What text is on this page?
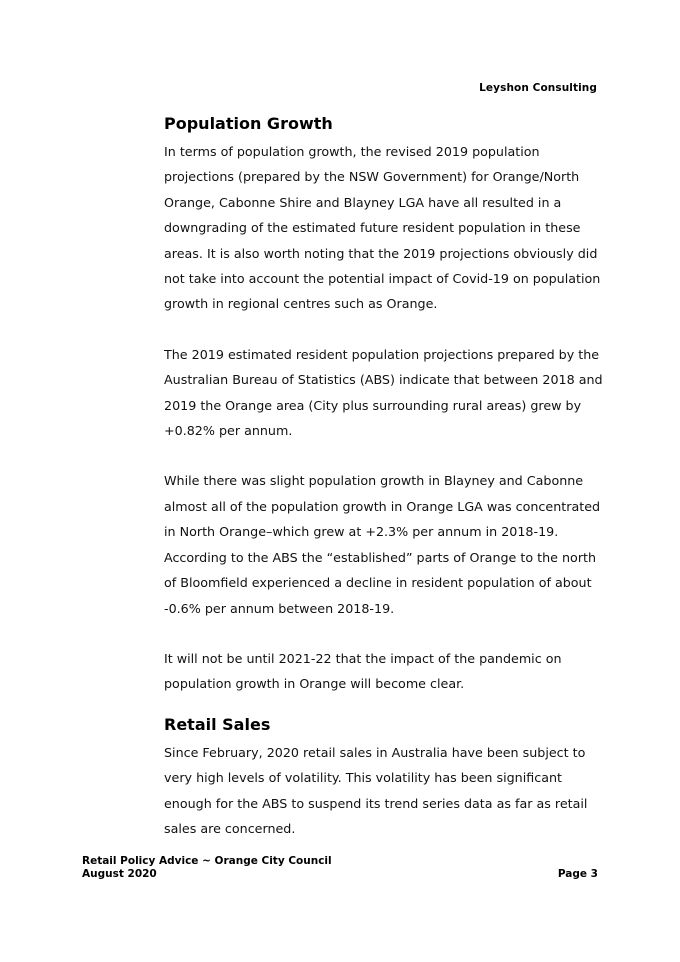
Leyshon Consulting
Population Growth

In terms of population growth, the revised 2019 population projections (prepared by the NSW Government) for Orange/North Orange, Cabonne Shire and Blayney LGA have all resulted in a downgrading of the estimated future resident population in these areas. It is also worth noting that the 2019 projections obviously did not take into account the potential impact of Covid-19 on population growth in regional centres such as Orange.

The 2019 estimated resident population projections prepared by the Australian Bureau of Statistics (ABS) indicate that between 2018 and 2019 the Orange area (City plus surrounding rural areas) grew by +0.82% per annum.

While there was slight population growth in Blayney and Cabonne almost all of the population growth in Orange LGA was concentrated in North Orange–which grew at +2.3% per annum in 2018-19. According to the ABS the “established” parts of Orange to the north of Bloomfield experienced a decline in resident population of about -0.6% per annum between 2018-19.

It will not be until 2021-22 that the impact of the pandemic on population growth in Orange will become clear.

Retail Sales

Since February, 2020 retail sales in Australia have been subject to very high levels of volatility. This volatility has been significant enough for the ABS to suspend its trend series data as far as retail sales are concerned.

Retail Policy Advice ~ Orange City Council
August 2020	Page 3
